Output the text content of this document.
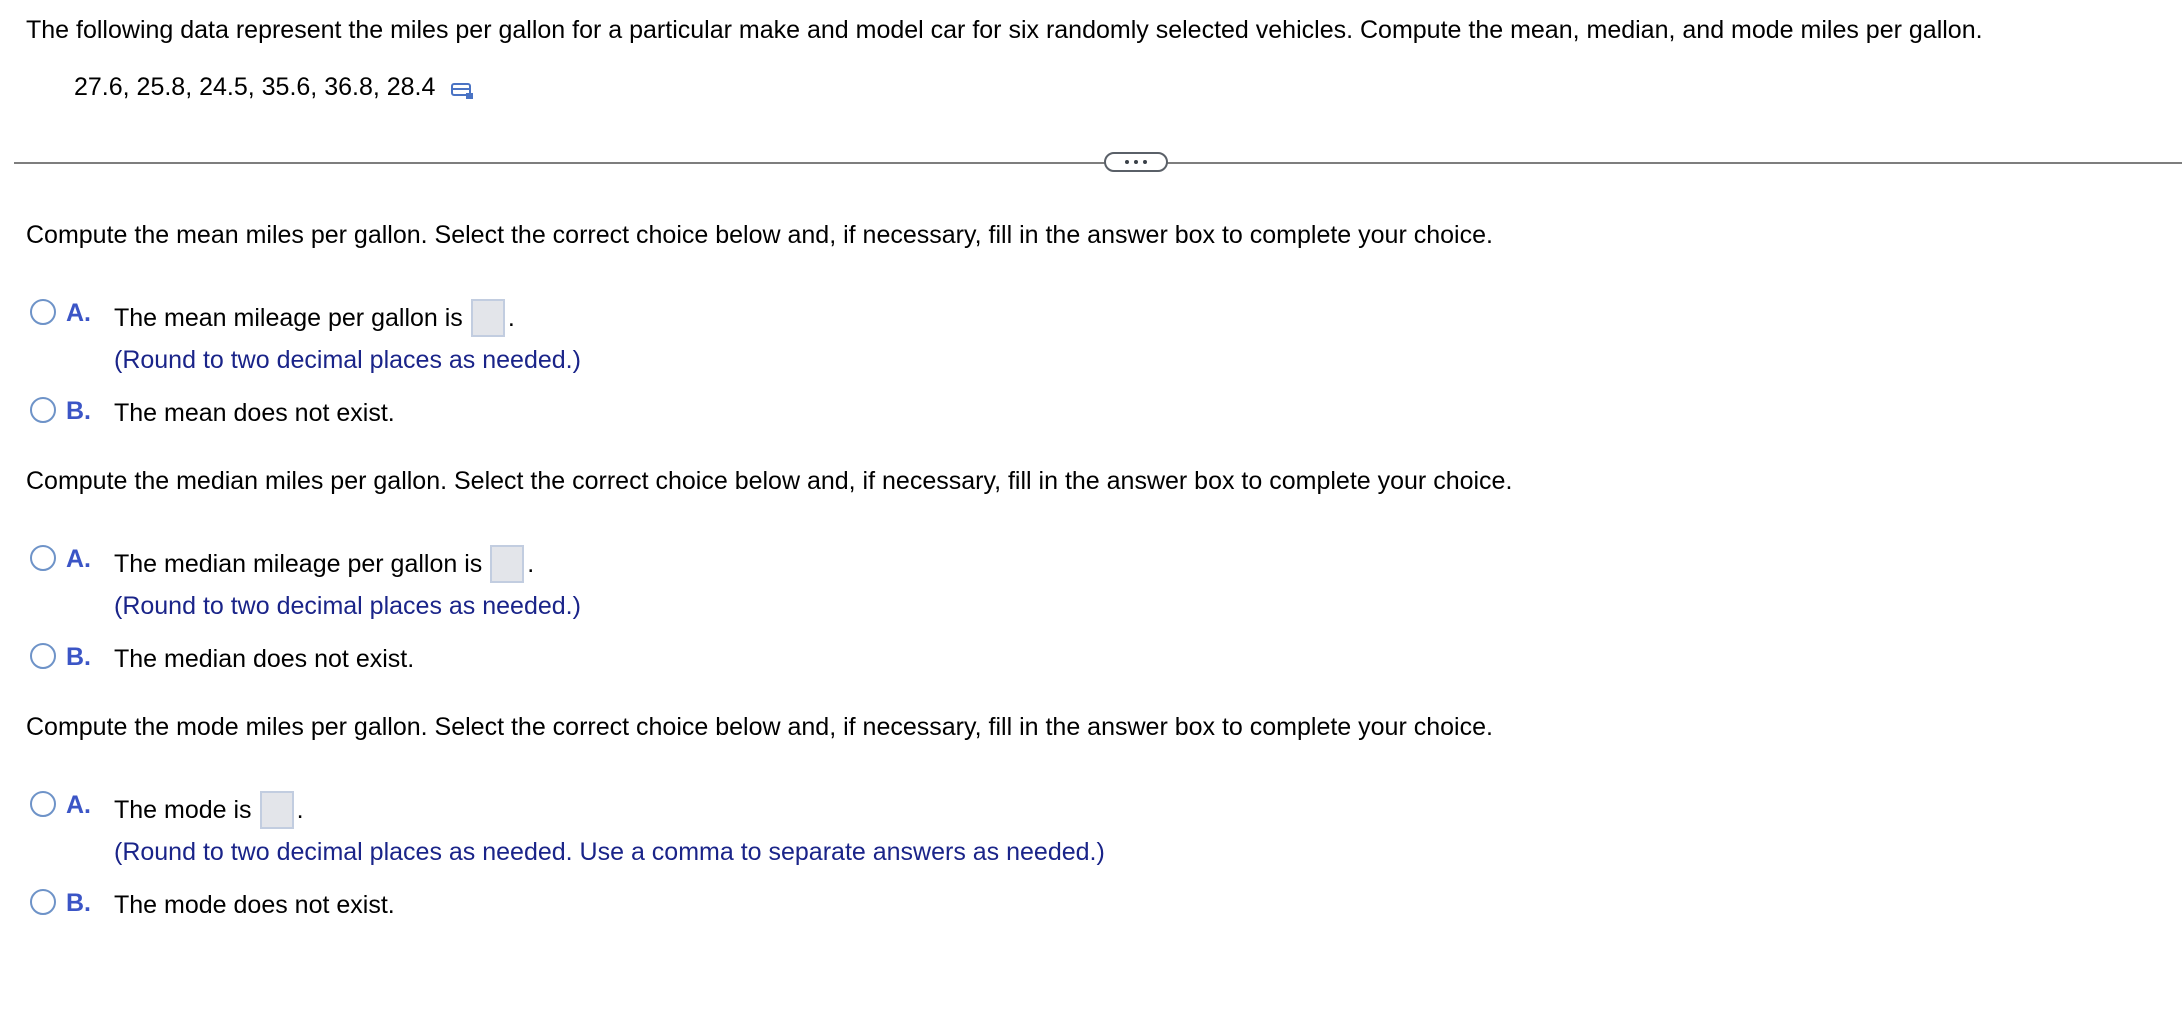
The following data represent the miles per gallon for a particular make and model car for six randomly selected vehicles. Compute the mean, median, and mode miles per gallon.
27.6, 25.8, 24.5, 35.6, 36.8, 28.4
Compute the mean miles per gallon. Select the correct choice below and, if necessary, fill in the answer box to complete your choice.
A. The mean mileage per gallon is .
(Round to two decimal places as needed.)
B. The mean does not exist.
Compute the median miles per gallon. Select the correct choice below and, if necessary, fill in the answer box to complete your choice.
A. The median mileage per gallon is .
(Round to two decimal places as needed.)
B. The median does not exist.
Compute the mode miles per gallon. Select the correct choice below and, if necessary, fill in the answer box to complete your choice.
A. The mode is .
(Round to two decimal places as needed. Use a comma to separate answers as needed.)
B. The mode does not exist.
